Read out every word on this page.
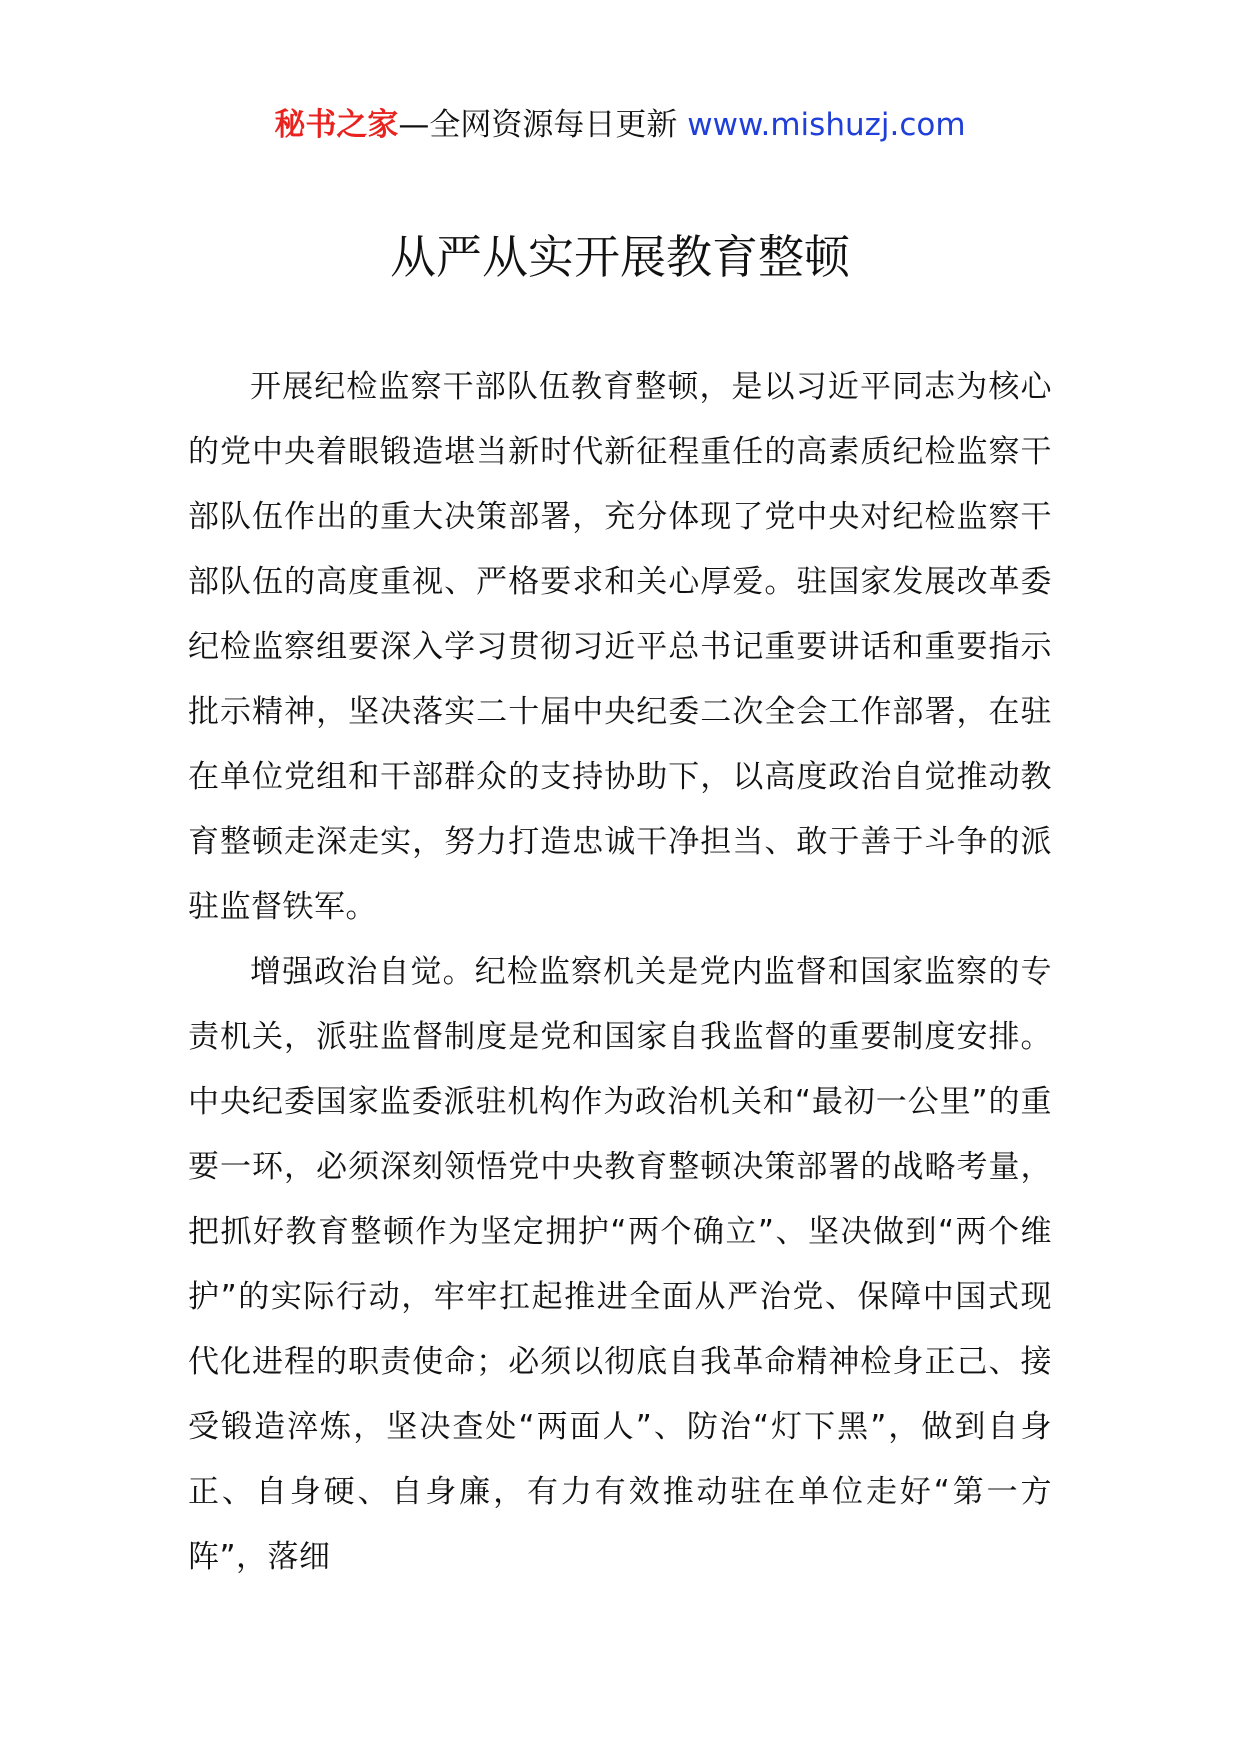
秘书之家—全网资源每日更新 www.mishuzj.com
从严从实开展教育整顿

开展纪检监察干部队伍教育整顿，是以习近平同志为核心的党中央着眼锻造堪当新时代新征程重任的高素质纪检监察干部队伍作出的重大决策部署，充分体现了党中央对纪检监察干部队伍的高度重视、严格要求和关心厚爱。驻国家发展改革委纪检监察组要深入学习贯彻习近平总书记重要讲话和重要指示批示精神，坚决落实二十届中央纪委二次全会工作部署，在驻在单位党组和干部群众的支持协助下，以高度政治自觉推动教育整顿走深走实，努力打造忠诚干净担当、敢于善于斗争的派驻监督铁军。

增强政治自觉。纪检监察机关是党内监督和国家监察的专责机关，派驻监督制度是党和国家自我监督的重要制度安排。中央纪委国家监委派驻机构作为政治机关和“最初一公里”的重要一环，必须深刻领悟党中央教育整顿决策部署的战略考量，把抓好教育整顿作为坚定拥护“两个确立”、坚决做到“两个维护”的实际行动，牢牢扛起推进全面从严治党、保障中国式现代化进程的职责使命；必须以彻底自我革命精神检身正己、接受锻造淬炼，坚决查处“两面人”、防治“灯下黑”，做到自身正、自身硬、自身廉，有力有效推动驻在单位走好“第一方阵”，落细
